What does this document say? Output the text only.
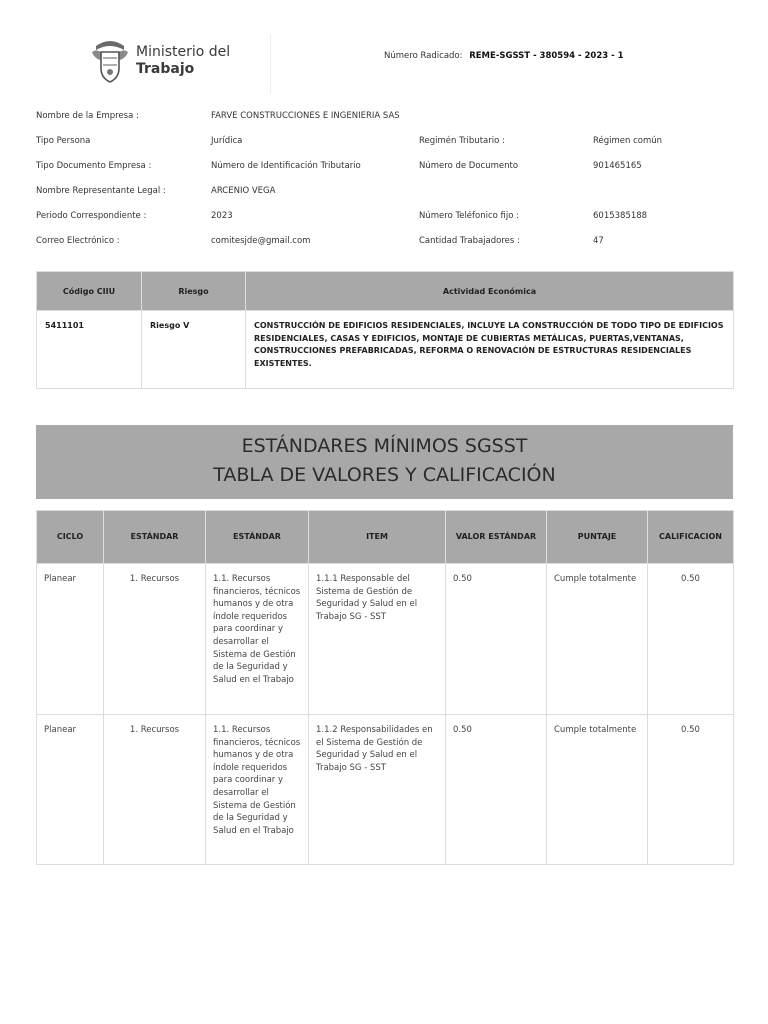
Ministerio del
Trabajo
Número Radicado: REME-SGSST - 380594 - 2023 - 1
Nombre de la Empresa :	FARVE CONSTRUCCIONES E INGENIERIA SAS
Tipo Persona	Jurídica	Regimén Tributario :	Régimen común
Tipo Documento Empresa :	Número de Identificación Tributario	Número de Documento	901465165
Nombre Representante Legal :	ARCENIO VEGA
Periodo Correspondiente :	2023	Número Teléfonico fijo :	6015385188
Correo Electrónico :	comitesjde@gmail.com	Cantidad Trabajadores :	47
Código CIIU	Riesgo	Actividad Económica
5411101	Riesgo V	CONSTRUCCIÓN DE EDIFICIOS RESIDENCIALES, INCLUYE LA CONSTRUCCIÓN DE TODO TIPO DE EDIFICIOS RESIDENCIALES, CASAS Y EDIFICIOS, MONTAJE DE CUBIERTAS METÁLICAS, PUERTAS,VENTANAS, CONSTRUCCIONES PREFABRICADAS, REFORMA O RENOVACIÓN DE ESTRUCTURAS RESIDENCIALES EXISTENTES.
ESTÁNDARES MÍNIMOS SGSST
TABLA DE VALORES Y CALIFICACIÓN
CICLO	ESTÁNDAR	ESTÁNDAR	ITEM	VALOR ESTÁNDAR	PUNTAJE	CALIFICACION
Planear	1. Recursos	1.1. Recursos financieros, técnicos humanos y de otra índole requeridos para coordinar y desarrollar el Sistema de Gestión de la Seguridad y Salud en el Trabajo	1.1.1 Responsable del Sistema de Gestión de Seguridad y Salud en el Trabajo SG - SST	0.50	Cumple totalmente	0.50
Planear	1. Recursos	1.1. Recursos financieros, técnicos humanos y de otra índole requeridos para coordinar y desarrollar el Sistema de Gestión de la Seguridad y Salud en el Trabajo	1.1.2 Responsabilidades en el Sistema de Gestión de Seguridad y Salud en el Trabajo SG - SST	0.50	Cumple totalmente	0.50
